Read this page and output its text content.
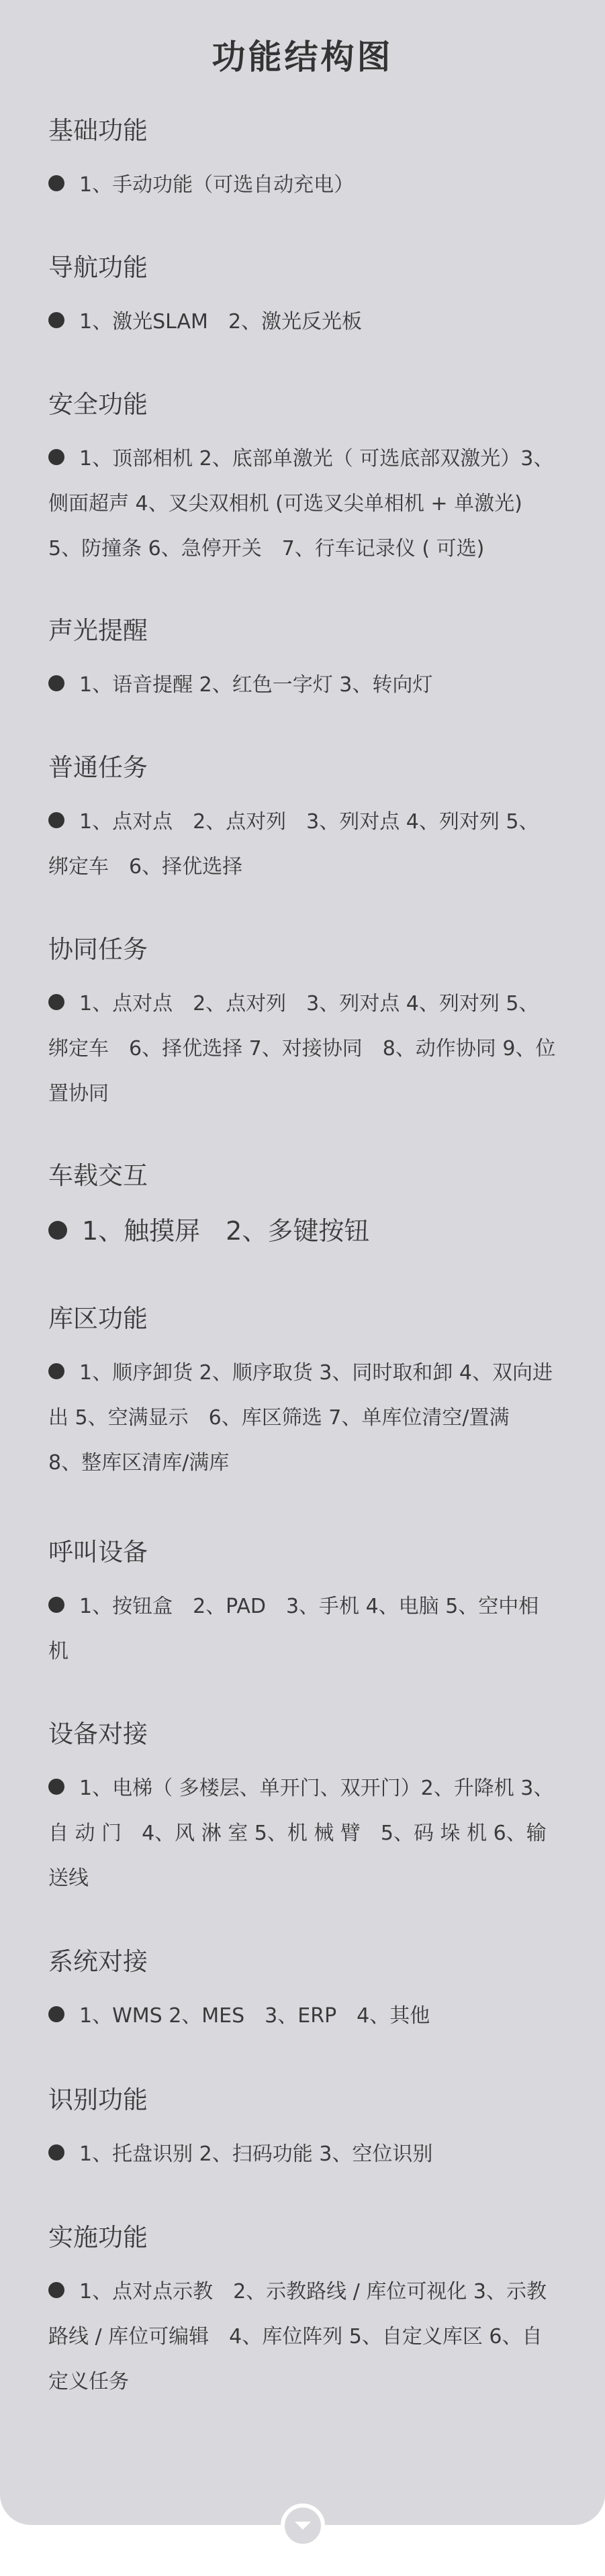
功能结构图
基础功能
1、手动功能（可选自动充电）
导航功能
1、激光SLAM　2、激光反光板
安全功能
1、顶部相机 2、底部单激光（ 可选底部双激光）3、侧面超声 4、叉尖双相机 (可选叉尖单相机 + 单激光) 5、防撞条 6、急停开关　7、行车记录仪 ( 可选)
声光提醒
1、语音提醒 2、红色一字灯 3、转向灯
普通任务
1、点对点　2、点对列　3、列对点 4、列对列 5、绑定车　6、择优选择
协同任务
1、点对点　2、点对列　3、列对点 4、列对列 5、绑定车　6、择优选择 7、对接协同　8、动作协同 9、位置协同
车载交互
1、触摸屏　2、多键按钮
库区功能
1、顺序卸货 2、顺序取货 3、同时取和卸 4、双向进出 5、空满显示　6、库区筛选 7、单库位清空/置满　8、整库区清库/满库
呼叫设备
1、按钮盒　2、PAD　3、手机 4、电脑 5、空中相机
设备对接
1、电梯（ 多楼层、单开门、双开门）2、升降机 3、自 动 门　4、风 淋 室 5、机 械 臂　5、码 垛 机 6、输送线
系统对接
1、WMS 2、MES　3、ERP　4、其他
识别功能
1、托盘识别 2、扫码功能 3、空位识别
实施功能
1、点对点示教　2、示教路线 / 库位可视化 3、示教路线 / 库位可编辑　4、库位阵列 5、自定义库区 6、自定义任务
